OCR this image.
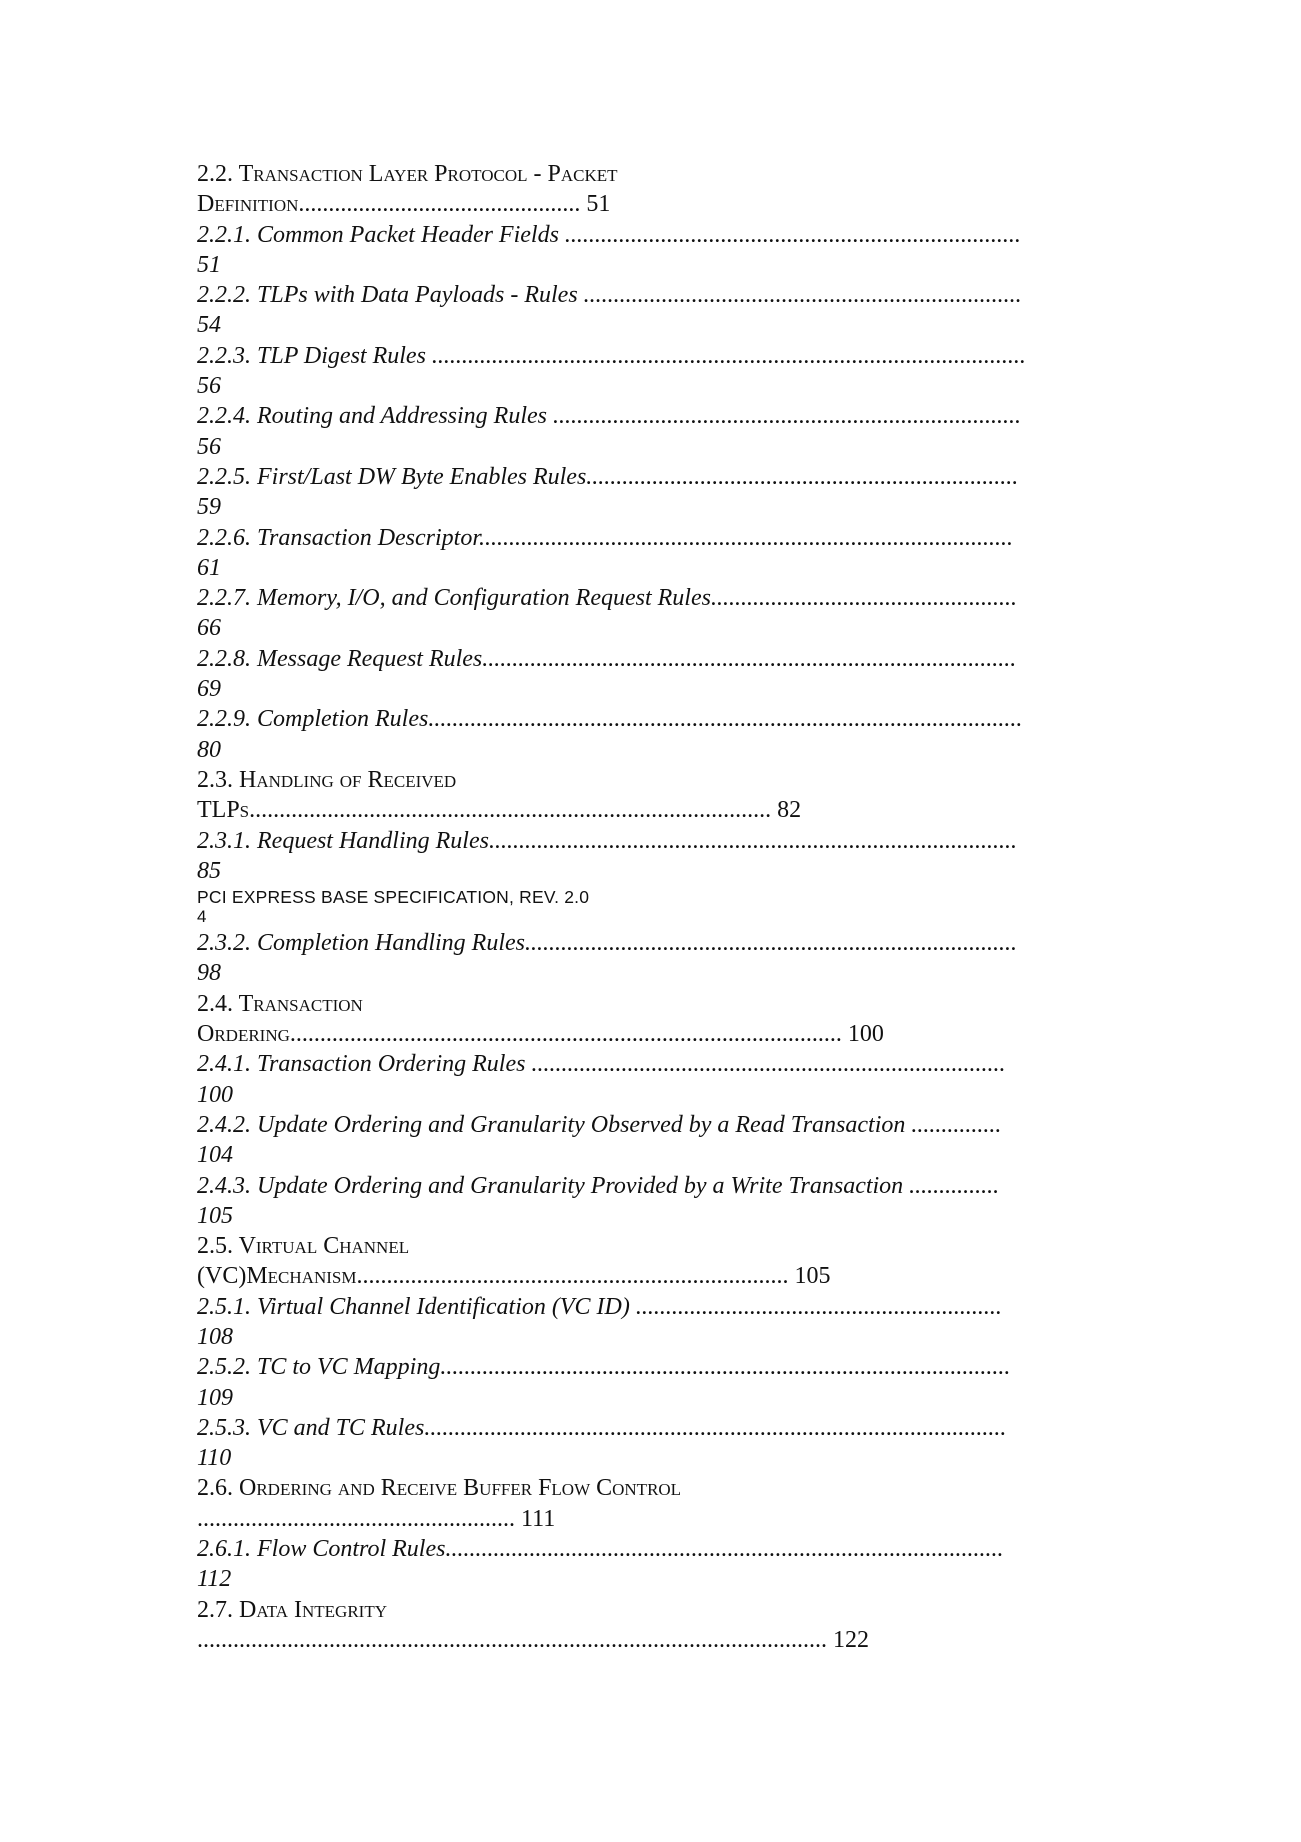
2.2. Transaction Layer Protocol - Packet
Definition............................................... 51
2.2.1. Common Packet Header Fields ............................................................................
51
2.2.2. TLPs with Data Payloads - Rules .........................................................................
54
2.2.3. TLP Digest Rules ...................................................................................................
56
2.2.4. Routing and Addressing Rules ..............................................................................
56
2.2.5. First/Last DW Byte Enables Rules........................................................................
59
2.2.6. Transaction Descriptor.........................................................................................
61
2.2.7. Memory, I/O, and Configuration Request Rules...................................................
66
2.2.8. Message Request Rules.........................................................................................
69
2.2.9. Completion Rules...................................................................................................
80
2.3. Handling of Received
TLPs....................................................................................... 82
2.3.1. Request Handling Rules........................................................................................
85
PCI EXPRESS BASE SPECIFICATION, REV. 2.0
4
2.3.2. Completion Handling Rules..................................................................................
98
2.4. Transaction
Ordering............................................................................................ 100
2.4.1. Transaction Ordering Rules ...............................................................................
100
2.4.2. Update Ordering and Granularity Observed by a Read Transaction ...............
104
2.4.3. Update Ordering and Granularity Provided by a Write Transaction ...............
105
2.5. Virtual Channel
(VC)Mechanism........................................................................ 105
2.5.1. Virtual Channel Identification (VC ID) .............................................................
108
2.5.2. TC to VC Mapping...............................................................................................
109
2.5.3. VC and TC Rules.................................................................................................
110
2.6. Ordering and Receive Buffer Flow Control
..................................................... 111
2.6.1. Flow Control Rules.............................................................................................
112
2.7. Data Integrity
......................................................................................................... 122
